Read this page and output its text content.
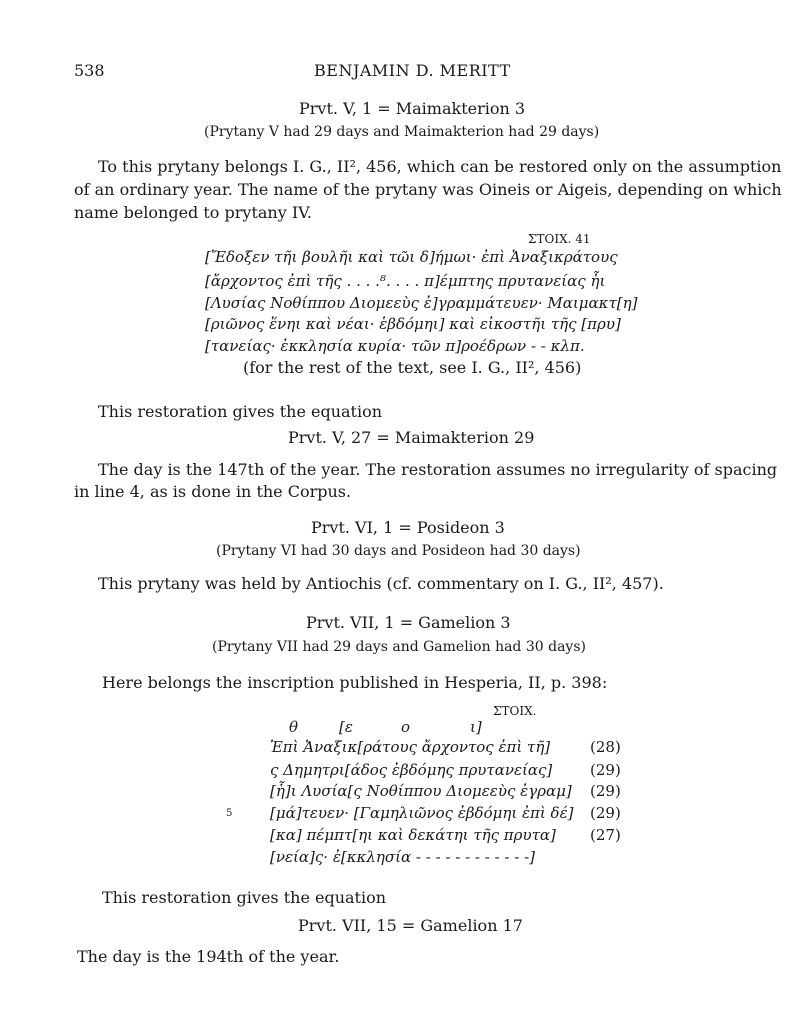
538	BENJAMIN D. MERITT
Prvt. V, 1 = Maimakterion 3
(Prytany V had 29 days and Maimakterion had 29 days)
To this prytany belongs I. G., II², 456, which can be restored only on the assumption
of an ordinary year. The name of the prytany was Oineis or Aigeis, depending on which
name belonged to prytany IV.
ΣΤΟΙΧ. 41
[Ἔδοξεν τῆι βουλῆι καὶ τῶι δ]ήμωι· ἐπὶ Ἀναξικράτους
[ἄρχοντος ἐπὶ τῆς . . . .⁸. . . . π]έμπτης πρυτανείας ἧι
[Λυσίας Νοθίππου Διομεεὺς ἐ]γραμμάτευεν· Μαιμακτ[η]
[ριῶνος ἕνηι καὶ νέαι· ἑβδόμηι] καὶ εἰκοστῆι τῆς [πρυ]
[τανείας· ἐκκλησία κυρία· τῶν π]ροέδρων - - κλπ.
(for the rest of the text, see I. G., II², 456)
This restoration gives the equation
Prvt. V, 27 = Maimakterion 29
The day is the 147th of the year. The restoration assumes no irregularity of spacing
in line 4, as is done in the Corpus.
Prvt. VI, 1 = Posideon 3
(Prytany VI had 30 days and Posideon had 30 days)
This prytany was held by Antiochis (cf. commentary on I. G., II², 457).
Prvt. VII, 1 = Gamelion 3
(Prytany VII had 29 days and Gamelion had 30 days)
Here belongs the inscription published in Hesperia, II, p. 398:
ΣΤΟΙΧ.
θ	[ε	ο	ι]
Ἐπὶ Ἀναξικ[ράτους ἄρχοντος ἐπὶ τῆ]	(28)
ς Δημητρι[άδος ἑβδόμης πρυτανείας]	(29)
[ἧ]ι Λυσία[ς Νοθίππου Διομεεὺς ἐγραμ] (29)
5	[μά]τευεν· [Γαμηλιῶνος ἑβδόμηι ἐπὶ δέ] (29)
[κα] πέμπτ[ηι καὶ δεκάτηι τῆς πρυτα] (27)
[νεία]ς· ἐ[κκλησία - - - - - - - - - - - -]
This restoration gives the equation
Prvt. VII, 15 = Gamelion 17
The day is the 194th of the year.
